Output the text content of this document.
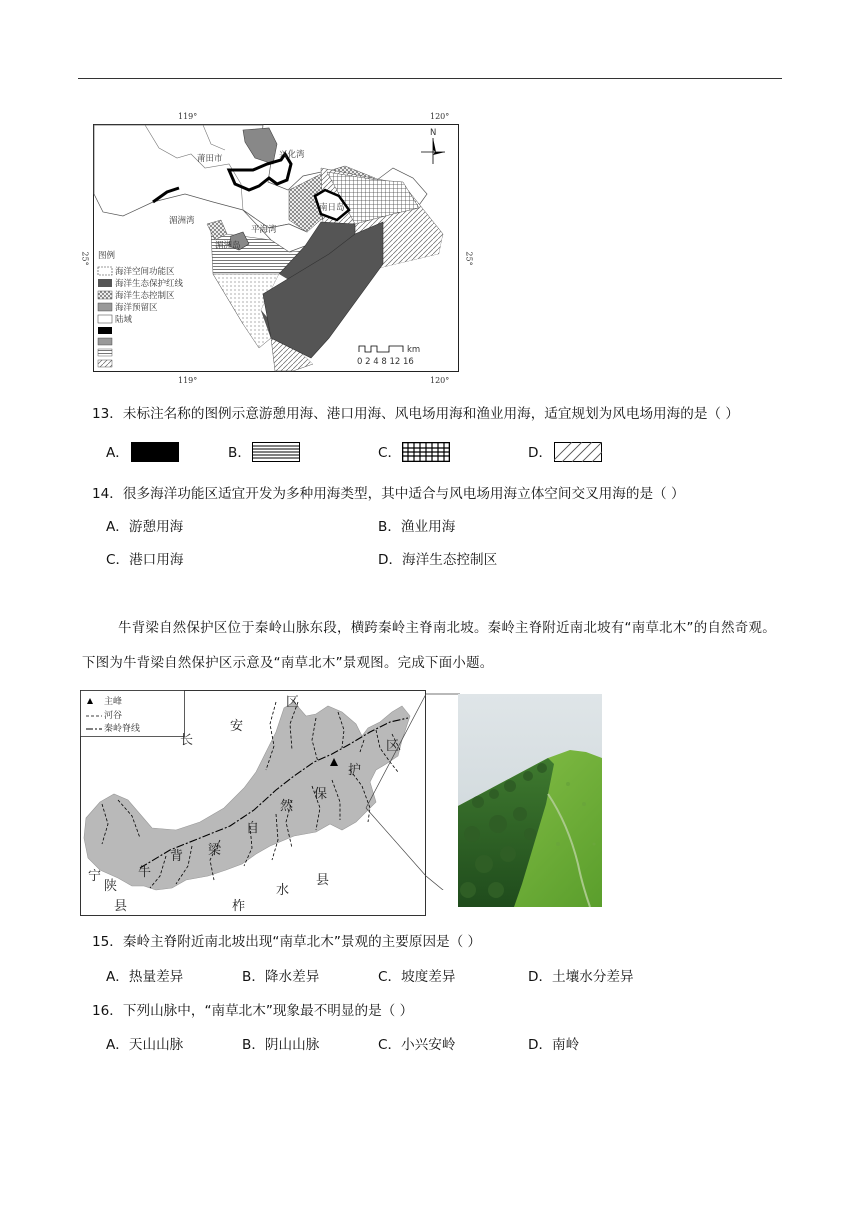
119°	120°
119°	120°
25°	25°
莆田市	兴化湾
湄洲湾
平海湾
湄洲岛
南日岛
N
图例
海洋空间功能区
海洋生态保护红线
海洋生态控制区
海洋预留区
陆域
0 2 4 8 12 16
km
13．未标注名称的图例示意游憩用海、港口用海、风电场用海和渔业用海，适宜规划为风电场用海的是（ ）
A．	B．	C．	D．
14．很多海洋功能区适宜开发为多种用海类型，其中适合与风电场用海立体空间交叉用海的是（ ）
A．游憩用海	B．渔业用海
C．港口用海	D．海洋生态控制区
牛背梁自然保护区位于秦岭山脉东段，横跨秦岭主脊南北坡。秦岭主脊附近南北坡有“南草北木”的自然奇观。下图为牛背梁自然保护区示意及“南草北木”景观图。完成下面小题。
主峰
河谷
秦岭脊线
区
安
长	区
护
保
然
自
梁
背
牛
宁
陕
县	柞
水
县
15．秦岭主脊附近南北坡出现“南草北木”景观的主要原因是（ ）
A．热量差异	B．降水差异	C．坡度差异	D．土壤水分差异
16．下列山脉中，“南草北木”现象最不明显的是（ ）
A．天山山脉	B．阴山山脉	C．小兴安岭	D．南岭
